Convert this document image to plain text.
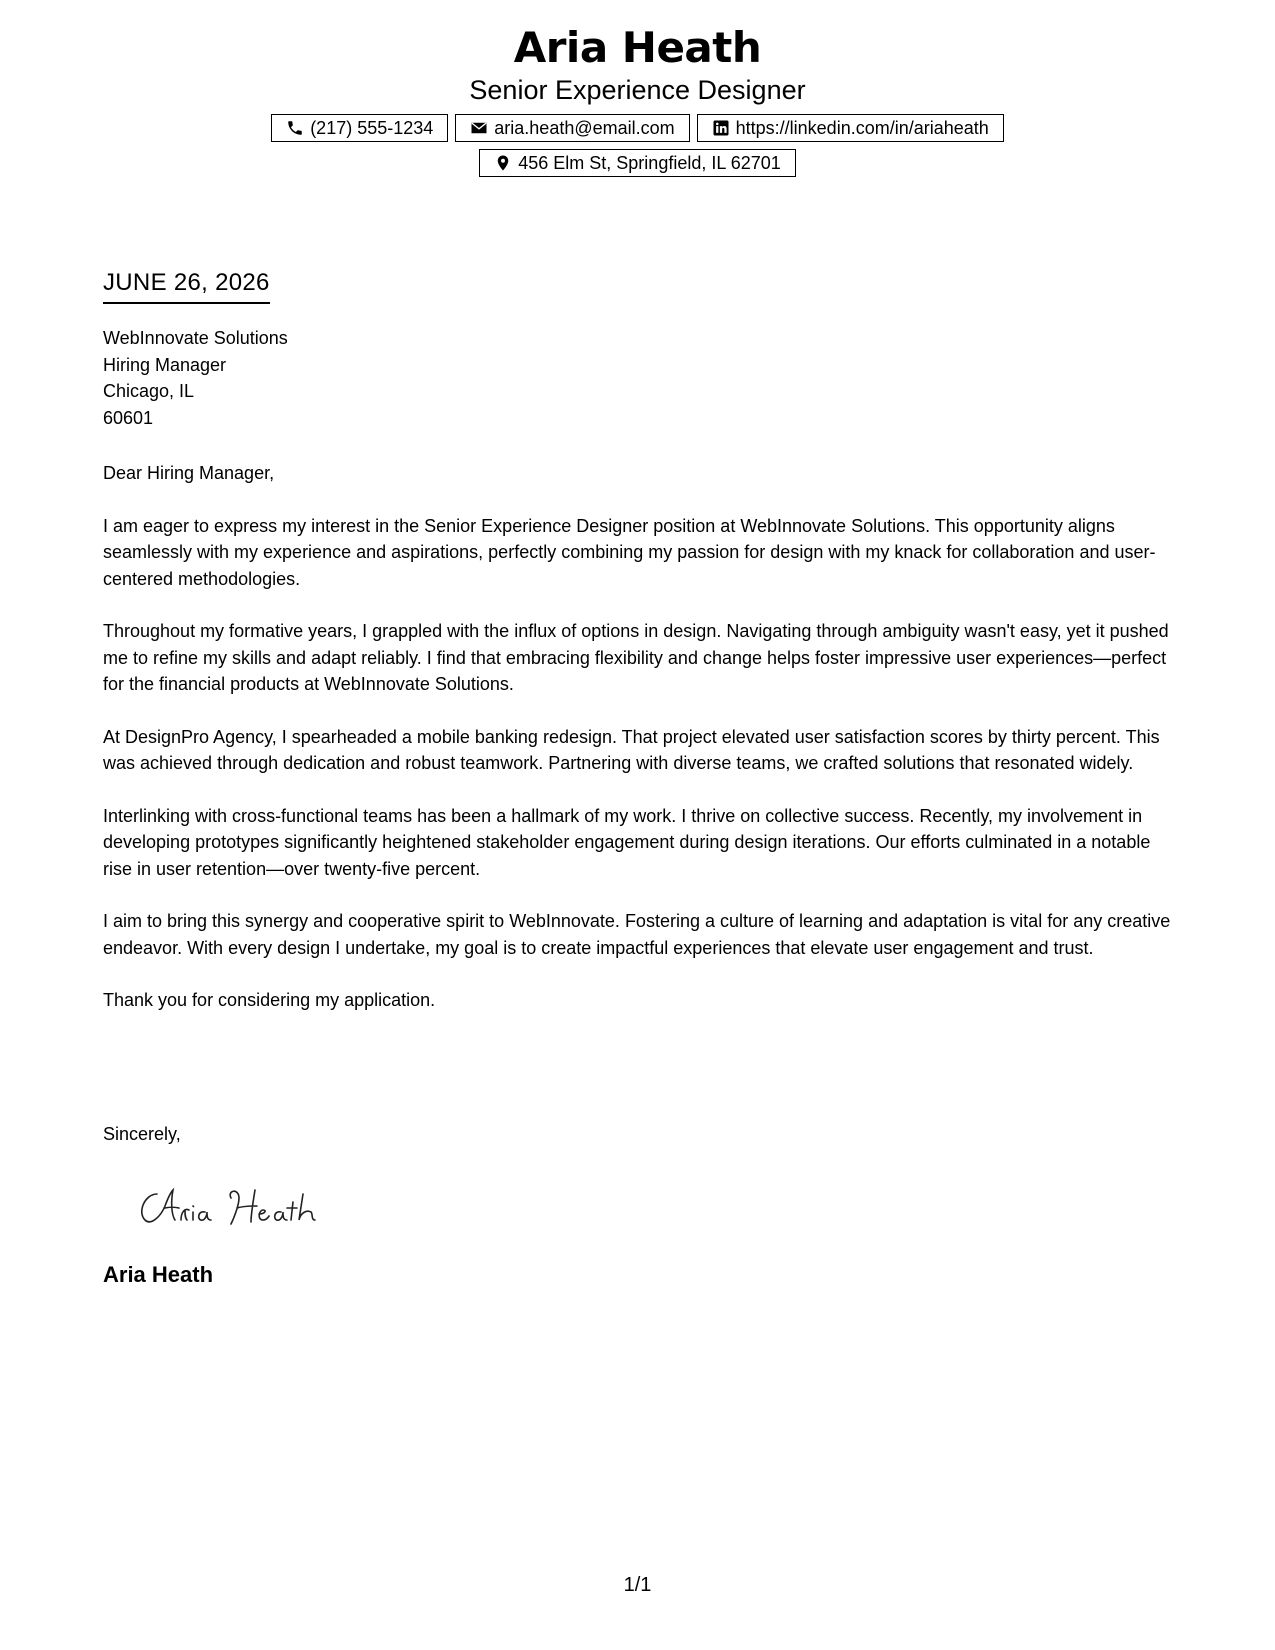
Aria Heath
Senior Experience Designer
(217) 555-1234	aria.heath@email.com	https://linkedin.com/in/ariaheath
456 Elm St, Springfield, IL 62701
JUNE 26, 2026
WebInnovate Solutions
Hiring Manager
Chicago, IL
60601

Dear Hiring Manager,

I am eager to express my interest in the Senior Experience Designer position at WebInnovate Solutions. This opportunity aligns seamlessly with my experience and aspirations, perfectly combining my passion for design with my knack for collaboration and user-centered methodologies.

Throughout my formative years, I grappled with the influx of options in design. Navigating through ambiguity wasn't easy, yet it pushed me to refine my skills and adapt reliably. I find that embracing flexibility and change helps foster impressive user experiences—perfect for the financial products at WebInnovate Solutions.

At DesignPro Agency, I spearheaded a mobile banking redesign. That project elevated user satisfaction scores by thirty percent. This was achieved through dedication and robust teamwork. Partnering with diverse teams, we crafted solutions that resonated widely.

Interlinking with cross-functional teams has been a hallmark of my work. I thrive on collective success. Recently, my involvement in developing prototypes significantly heightened stakeholder engagement during design iterations. Our efforts culminated in a notable rise in user retention—over twenty-five percent.

I aim to bring this synergy and cooperative spirit to WebInnovate. Fostering a culture of learning and adaptation is vital for any creative endeavor. With every design I undertake, my goal is to create impactful experiences that elevate user engagement and trust.

Thank you for considering my application.

Sincerely,
Aria Heath
1/1
